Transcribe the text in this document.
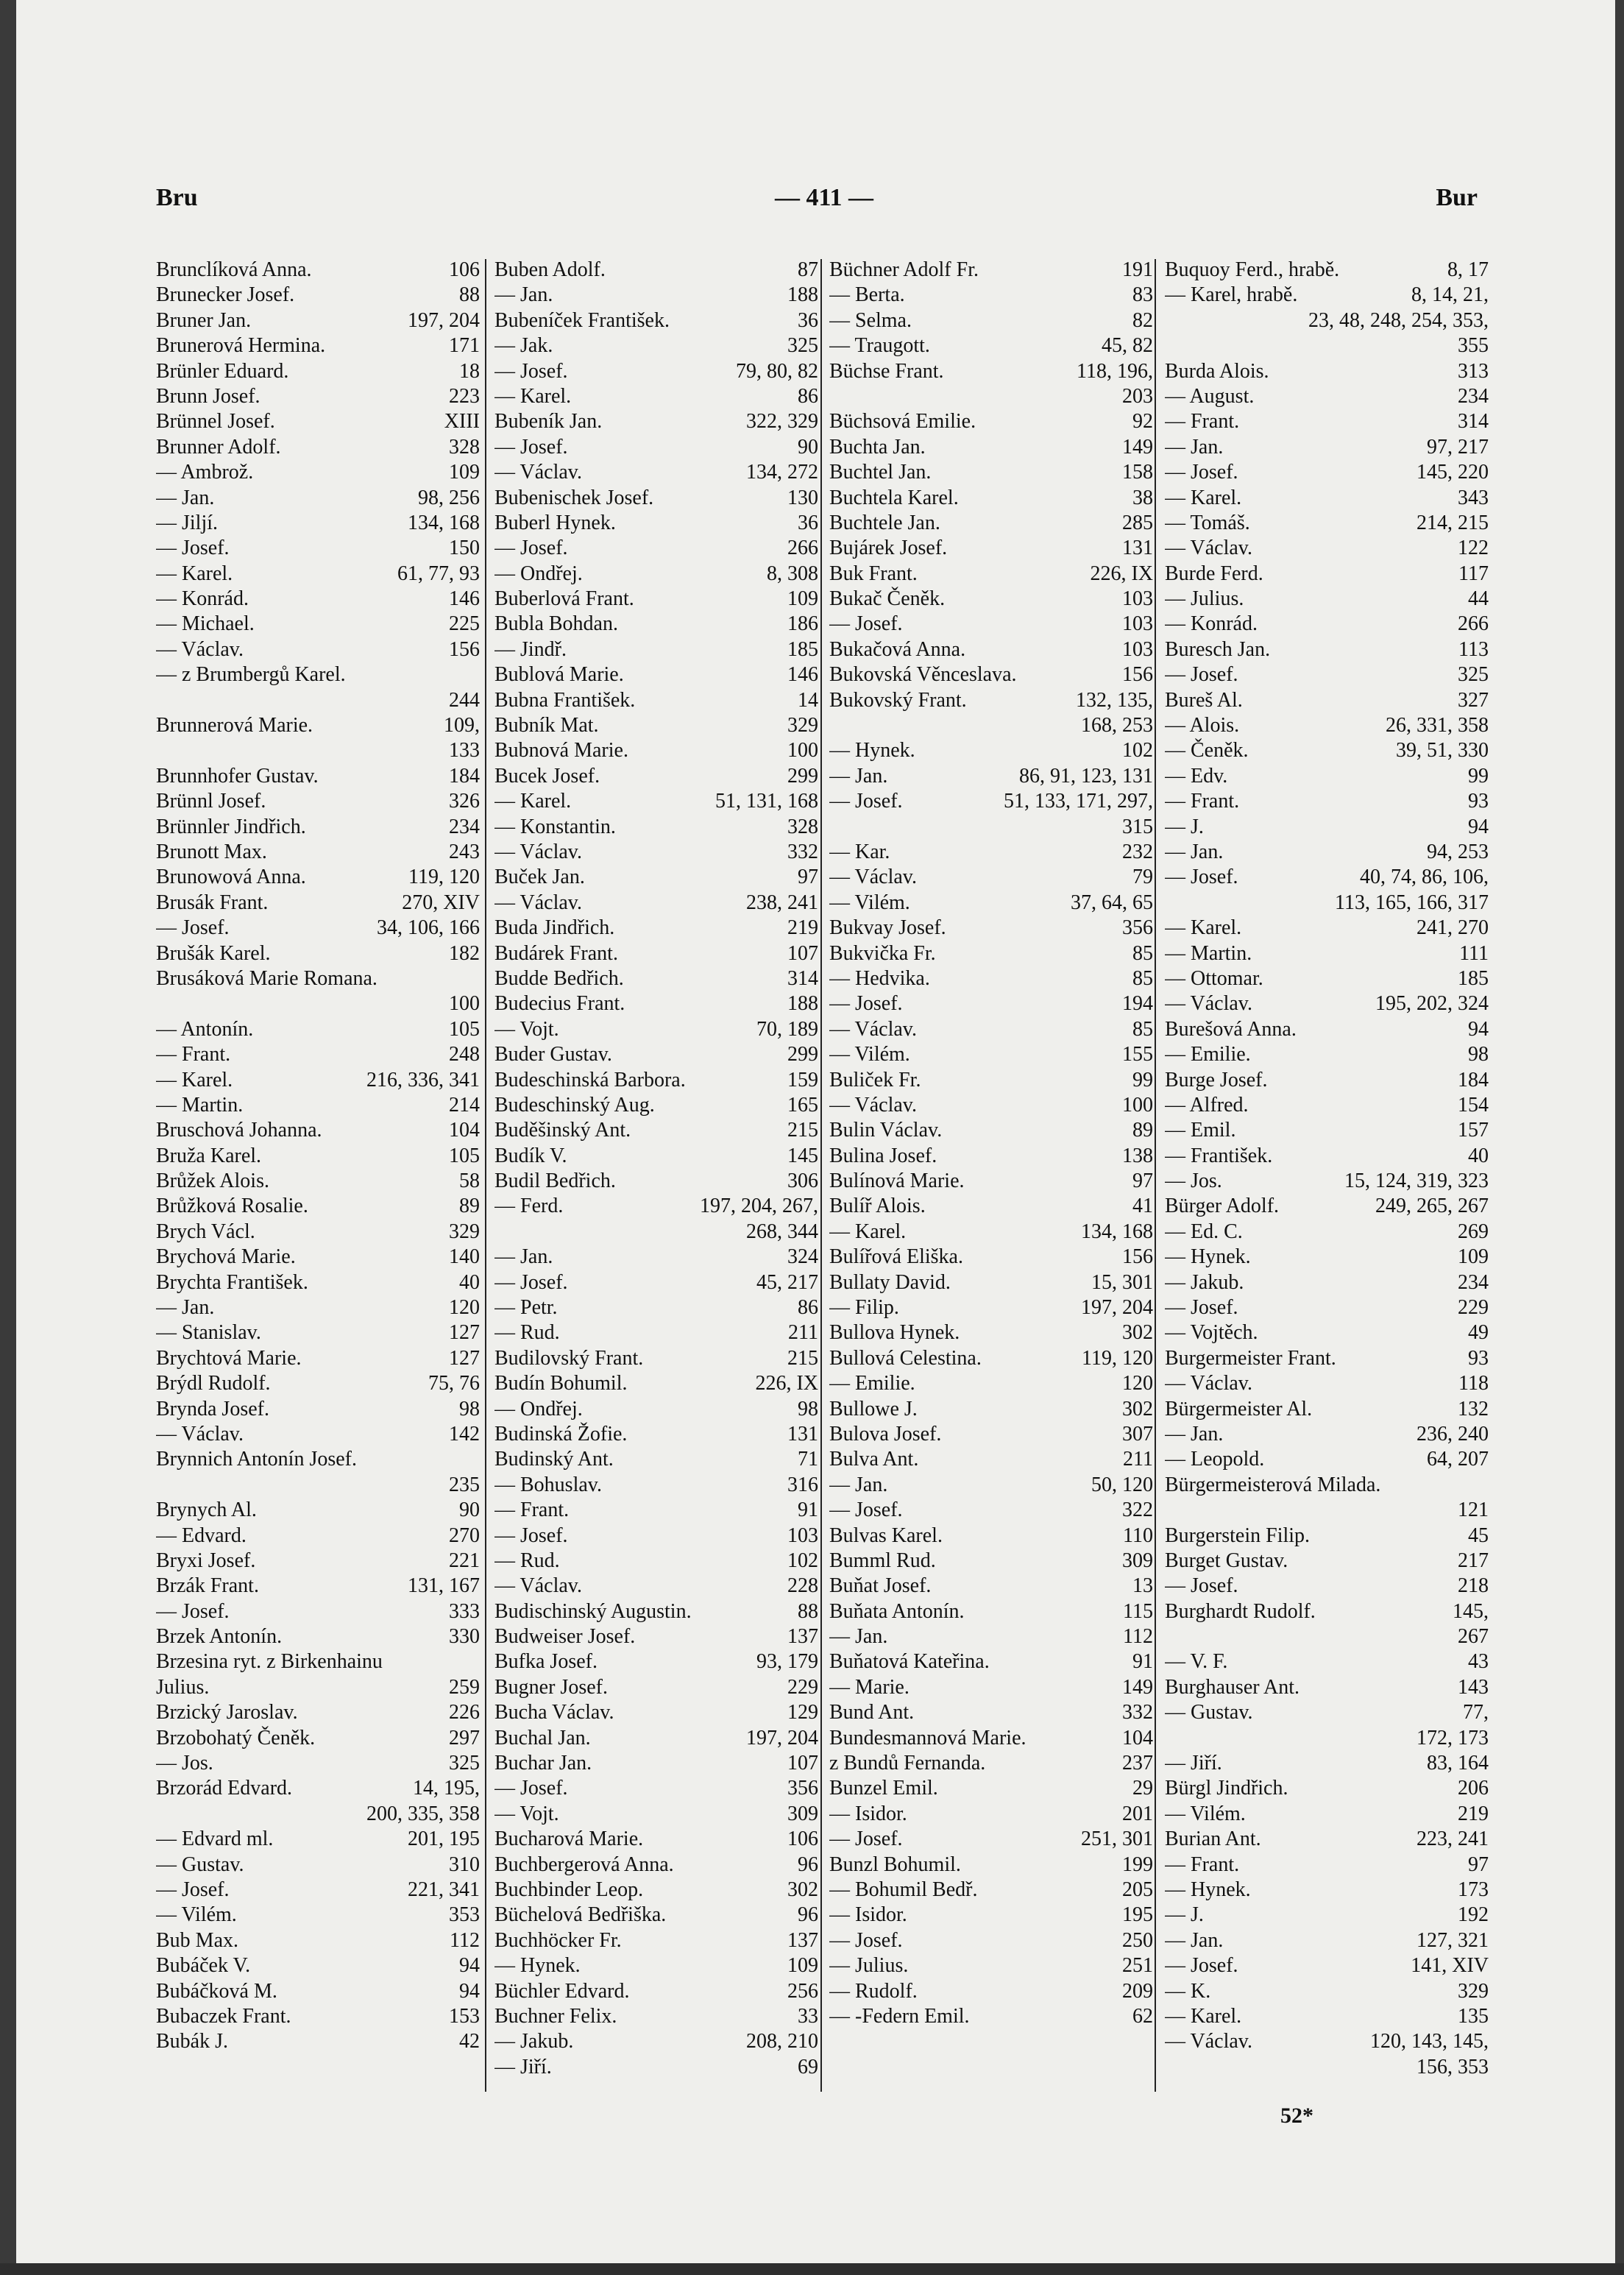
Bru	— 411 —	Bur
Brunclíková Anna.	106
Brunecker Josef.	88
Bruner Jan.	197, 204
Brunerová Hermina.	171
Brünler Eduard.	18
Brunn Josef.	223
Brünnel Josef.	XIII
Brunner Adolf.	328
— Ambrož.	109
— Jan.	98, 256
— Jiljí.	134, 168
— Josef.	150
— Karel.	61, 77, 93
— Konrád.	146
— Michael.	225
— Václav.	156
— z Brumbergů Karel.
244
Brunnerová Marie.	109,
133
Brunnhofer Gustav.	184
Brünnl Josef.	326
Brünnler Jindřich.	234
Brunott Max.	243
Brunowová Anna.	119, 120
Brusák Frant.	270, XIV
— Josef.	34, 106, 166
Brušák Karel.	182
Brusáková Marie Romana.
100
— Antonín.	105
— Frant.	248
— Karel.	216, 336, 341
— Martin.	214
Bruschová Johanna.	104
Bruža Karel.	105
Brůžek Alois.	58
Brůžková Rosalie.	89
Brych Václ.	329
Brychová Marie.	140
Brychta František.	40
— Jan.	120
— Stanislav.	127
Brychtová Marie.	127
Brýdl Rudolf.	75, 76
Brynda Josef.	98
— Václav.	142
Brynnich Antonín Josef.
235
Brynych Al.	90
— Edvard.	270
Bryxi Josef.	221
Brzák Frant.	131, 167
— Josef.	333
Brzek Antonín.	330
Brzesina ryt. z Birkenhainu
Julius.	259
Brzický Jaroslav.	226
Brzobohatý Čeněk.	297
— Jos.	325
Brzorád Edvard.	14, 195,
200, 335, 358
— Edvard ml.	201, 195
— Gustav.	310
— Josef.	221, 341
— Vilém.	353
Bub Max.	112
Bubáček V.	94
Bubáčková M.	94
Bubaczek Frant.	153
Bubák J.	42
Buben Adolf.	87
— Jan.	188
Bubeníček František.	36
— Jak.	325
— Josef.	79, 80, 82
— Karel.	86
Bubeník Jan.	322, 329
— Josef.	90
— Václav.	134, 272
Bubenischek Josef.	130
Buberl Hynek.	36
— Josef.	266
— Ondřej.	8, 308
Buberlová Frant.	109
Bubla Bohdan.	186
— Jindř.	185
Bublová Marie.	146
Bubna František.	14
Bubník Mat.	329
Bubnová Marie.	100
Bucek Josef.	299
— Karel.	51, 131, 168
— Konstantin.	328
— Václav.	332
Buček Jan.	97
— Václav.	238, 241
Buda Jindřich.	219
Budárek Frant.	107
Budde Bedřich.	314
Budecius Frant.	188
— Vojt.	70, 189
Buder Gustav.	299
Budeschinská Barbora.	159
Budeschinský Aug.	165
Buděšinský Ant.	215
Budík V.	145
Budil Bedřich.	306
— Ferd.	197, 204, 267,
268, 344
— Jan.	324
— Josef.	45, 217
— Petr.	86
— Rud.	211
Budilovský Frant.	215
Budín Bohumil.	226, IX
— Ondřej.	98
Budinská Žofie.	131
Budinský Ant.	71
— Bohuslav.	316
— Frant.	91
— Josef.	103
— Rud.	102
— Václav.	228
Budischinský Augustin.	88
Budweiser Josef.	137
Bufka Josef.	93, 179
Bugner Josef.	229
Bucha Václav.	129
Buchal Jan.	197, 204
Buchar Jan.	107
— Josef.	356
— Vojt.	309
Bucharová Marie.	106
Buchbergerová Anna.	96
Buchbinder Leop.	302
Büchelová Bedřiška.	96
Buchhöcker Fr.	137
— Hynek.	109
Büchler Edvard.	256
Buchner Felix.	33
— Jakub.	208, 210
— Jiří.	69
Büchner Adolf Fr.	191
— Berta.	83
— Selma.	82
— Traugott.	45, 82
Büchse Frant.	118, 196,
203
Büchsová Emilie.	92
Buchta Jan.	149
Buchtel Jan.	158
Buchtela Karel.	38
Buchtele Jan.	285
Bujárek Josef.	131
Buk Frant.	226, IX
Bukač Čeněk.	103
— Josef.	103
Bukačová Anna.	103
Bukovská Věnceslava.	156
Bukovský Frant.	132, 135,
168, 253
— Hynek.	102
— Jan.	86, 91, 123, 131
— Josef.	51, 133, 171, 297,
315
— Kar.	232
— Václav.	79
— Vilém.	37, 64, 65
Bukvay Josef.	356
Bukvička Fr.	85
— Hedvika.	85
— Josef.	194
— Václav.	85
— Vilém.	155
Buliček Fr.	99
— Václav.	100
Bulin Václav.	89
Bulina Josef.	138
Bulínová Marie.	97
Bulíř Alois.	41
— Karel.	134, 168
Bulířová Eliška.	156
Bullaty David.	15, 301
— Filip.	197, 204
Bullova Hynek.	302
Bullová Celestina.	119, 120
— Emilie.	120
Bullowe J.	302
Bulova Josef.	307
Bulva Ant.	211
— Jan.	50, 120
— Josef.	322
Bulvas Karel.	110
Bumml Rud.	309
Buňat Josef.	13
Buňata Antonín.	115
— Jan.	112
Buňatová Kateřina.	91
— Marie.	149
Bund Ant.	332
Bundesmannová Marie.	104
z Bundů Fernanda.	237
Bunzel Emil.	29
— Isidor.	201
— Josef.	251, 301
Bunzl Bohumil.	199
— Bohumil Bedř.	205
— Isidor.	195
— Josef.	250
— Julius.	251
— Rudolf.	209
— -Federn Emil.	62
Buquoy Ferd., hrabě.	8, 17
— Karel, hrabě.	8, 14, 21,
23, 48, 248, 254, 353,
355
Burda Alois.	313
— August.	234
— Frant.	314
— Jan.	97, 217
— Josef.	145, 220
— Karel.	343
— Tomáš.	214, 215
— Václav.	122
Burde Ferd.	117
— Julius.	44
— Konrád.	266
Buresch Jan.	113
— Josef.	325
Bureš Al.	327
— Alois.	26, 331, 358
— Čeněk.	39, 51, 330
— Edv.	99
— Frant.	93
— J.	94
— Jan.	94, 253
— Josef.	40, 74, 86, 106,
113, 165, 166, 317
— Karel.	241, 270
— Martin.	111
— Ottomar.	185
— Václav.	195, 202, 324
Burešová Anna.	94
— Emilie.	98
Burge Josef.	184
— Alfred.	154
— Emil.	157
— František.	40
— Jos.	15, 124, 319, 323
Bürger Adolf.	249, 265, 267
— Ed. C.	269
— Hynek.	109
— Jakub.	234
— Josef.	229
— Vojtěch.	49
Burgermeister Frant.	93
— Václav.	118
Bürgermeister Al.	132
— Jan.	236, 240
— Leopold.	64, 207
Bürgermeisterová Milada.
121
Burgerstein Filip.	45
Burget Gustav.	217
— Josef.	218
Burghardt Rudolf.	145,
267
— V. F.	43
Burghauser Ant.	143
— Gustav.	77,
172, 173
— Jiří.	83, 164
Bürgl Jindřich.	206
— Vilém.	219
Burian Ant.	223, 241
— Frant.	97
— Hynek.	173
— J.	192
— Jan.	127, 321
— Josef.	141, XIV
— K.	329
— Karel.	135
— Václav.	120, 143, 145,
156, 353
52*
